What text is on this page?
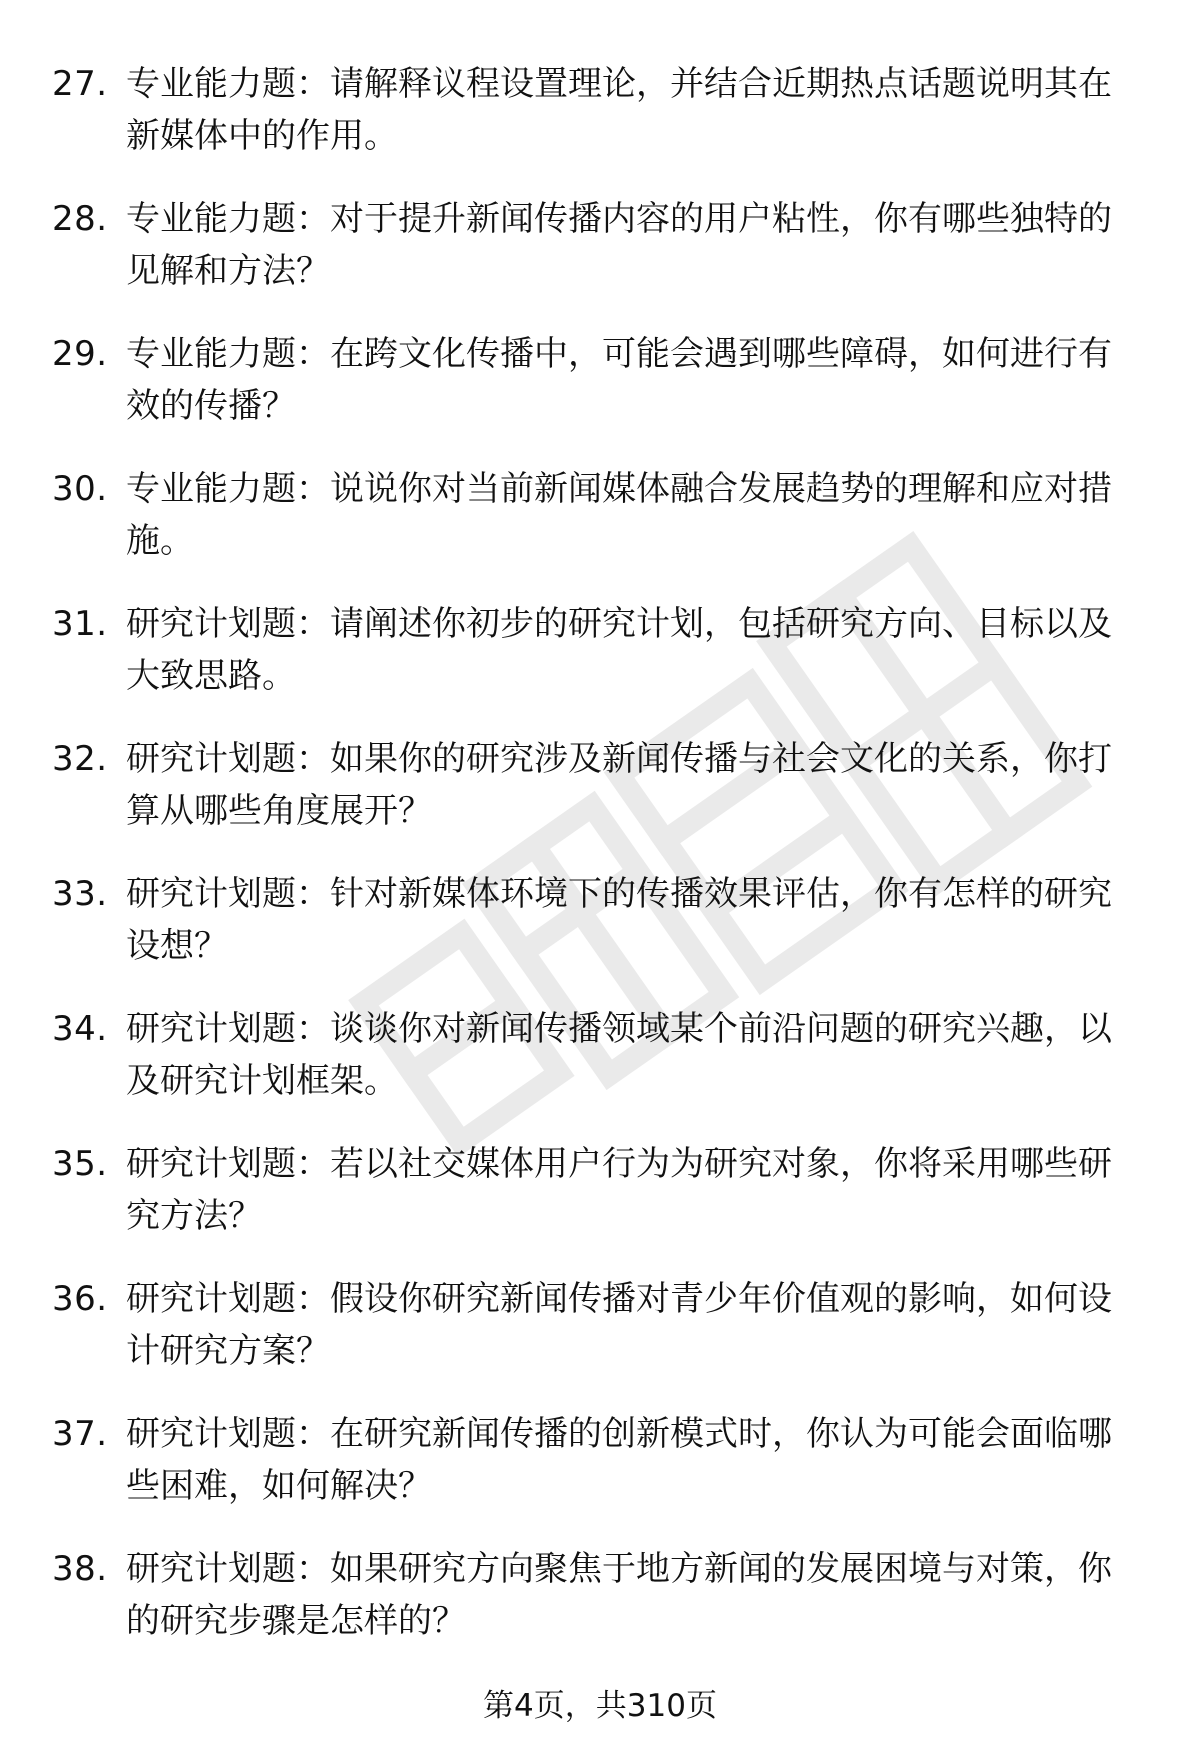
27. 专业能力题：请解释议程设置理论，并结合近期热点话题说明其在新媒体中的作用。
28. 专业能力题：对于提升新闻传播内容的用户粘性，你有哪些独特的见解和方法？
29. 专业能力题：在跨文化传播中，可能会遇到哪些障碍，如何进行有效的传播？
30. 专业能力题：说说你对当前新闻媒体融合发展趋势的理解和应对措施。
31. 研究计划题：请阐述你初步的研究计划，包括研究方向、目标以及大致思路。
32. 研究计划题：如果你的研究涉及新闻传播与社会文化的关系，你打算从哪些角度展开？
33. 研究计划题：针对新媒体环境下的传播效果评估，你有怎样的研究设想？
34. 研究计划题：谈谈你对新闻传播领域某个前沿问题的研究兴趣，以及研究计划框架。
35. 研究计划题：若以社交媒体用户行为为研究对象，你将采用哪些研究方法？
36. 研究计划题：假设你研究新闻传播对青少年价值观的影响，如何设计研究方案？
37. 研究计划题：在研究新闻传播的创新模式时，你认为可能会面临哪些困难，如何解决？
38. 研究计划题：如果研究方向聚焦于地方新闻的发展困境与对策，你的研究步骤是怎样的？
第4页，共310页
